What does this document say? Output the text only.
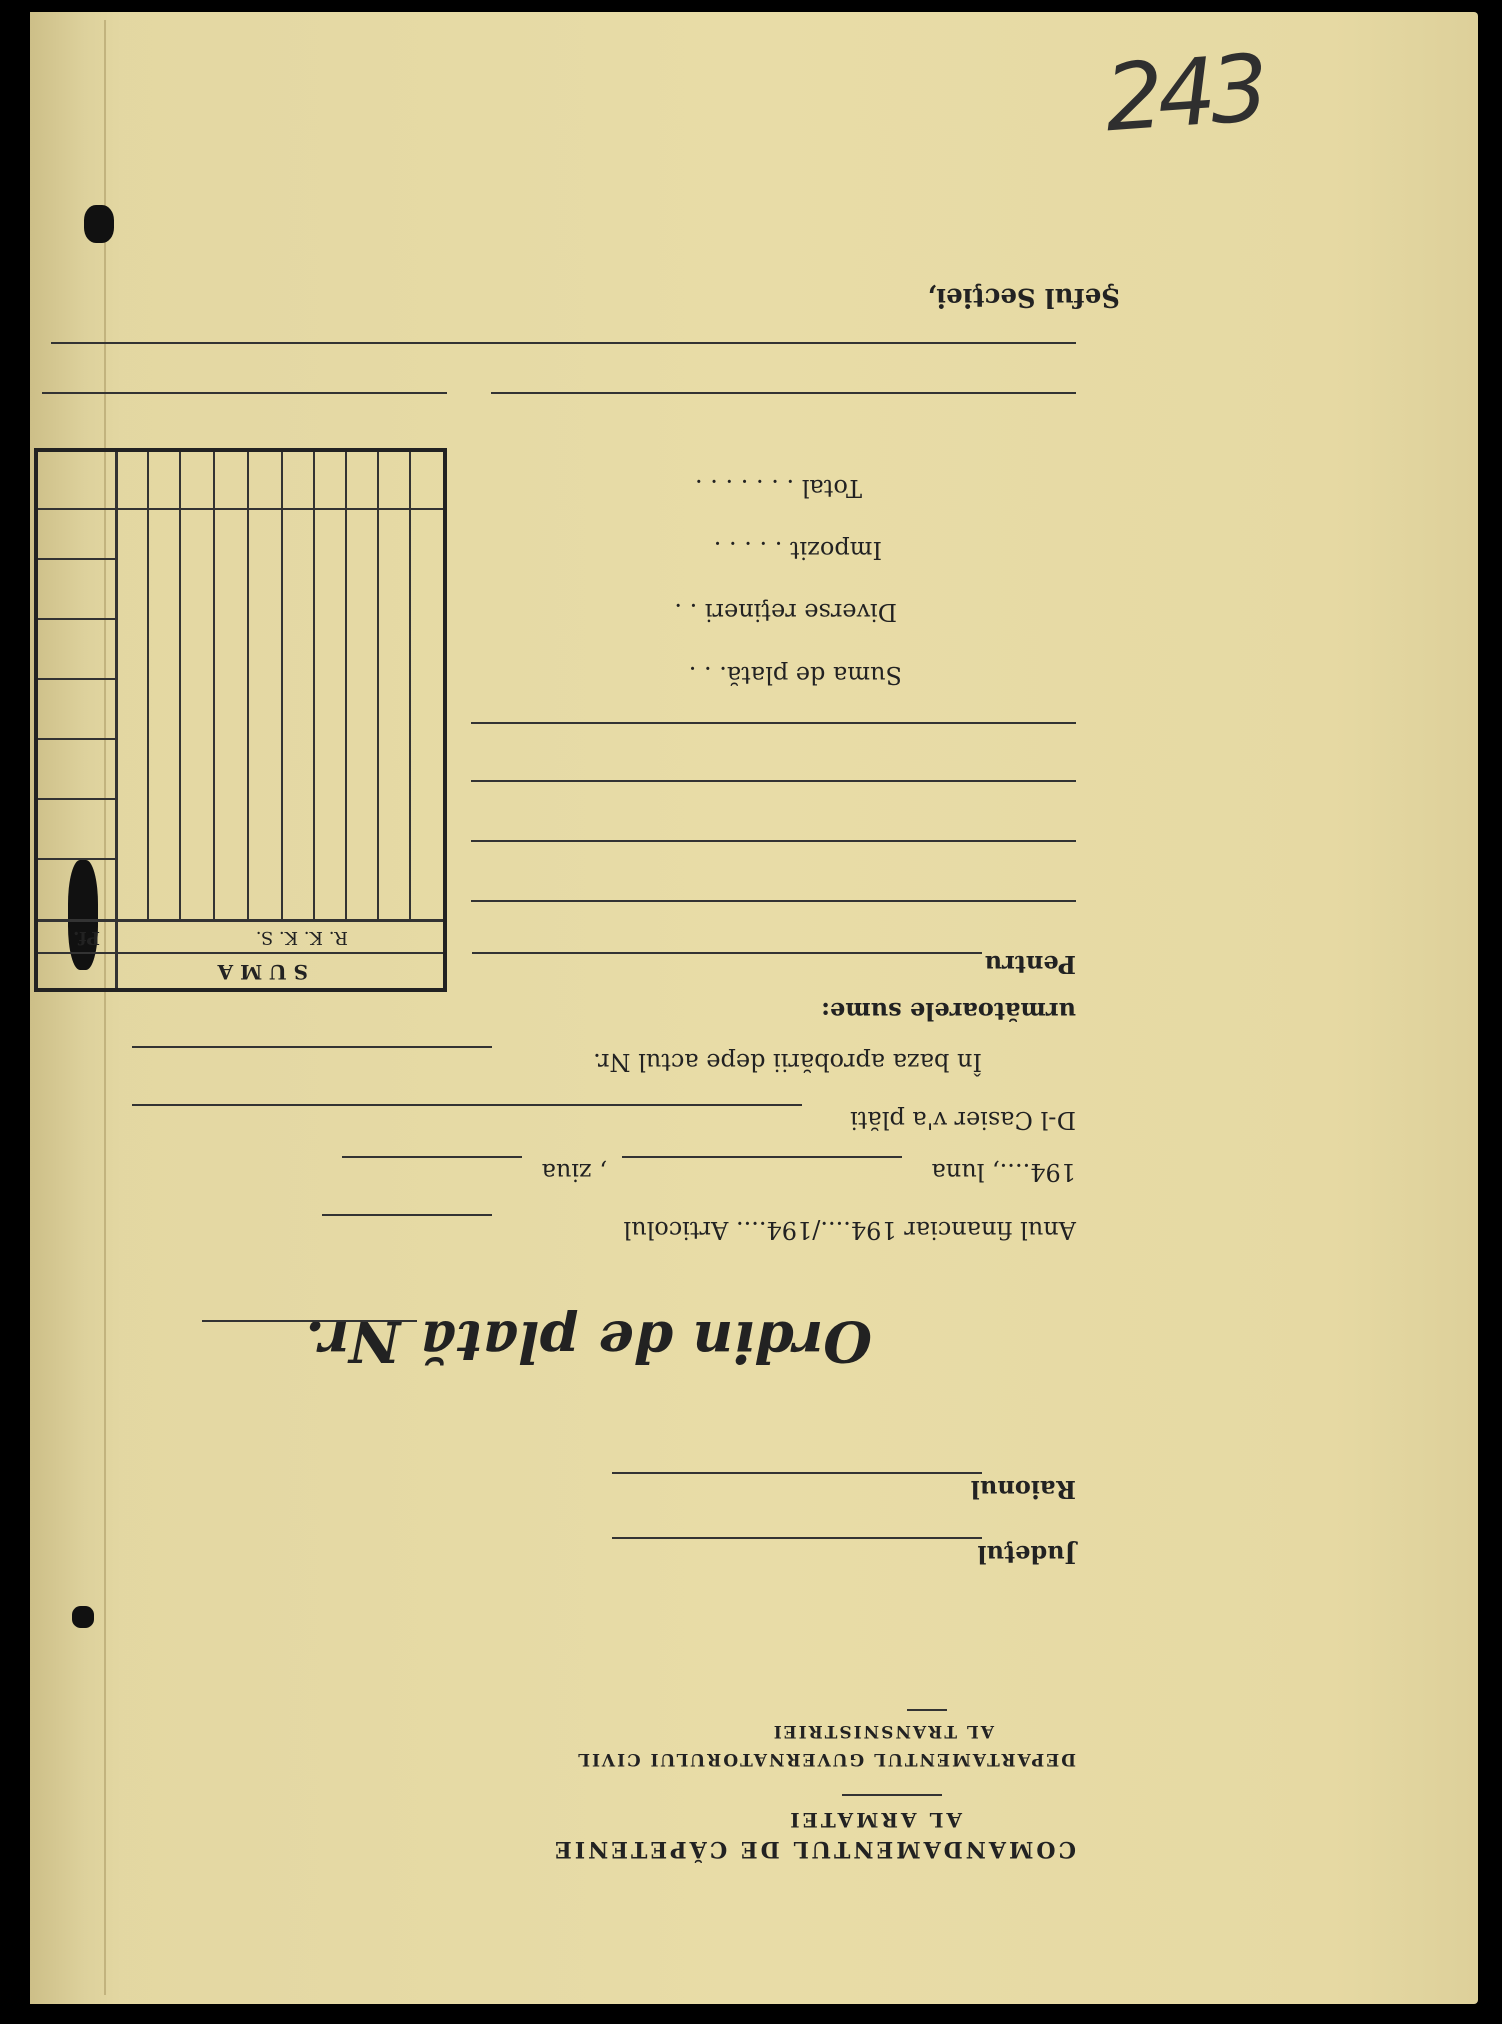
243
COMANDAMENTUL DE CĂPETENIE
AL ARMATEI
DEPARTAMENTUL GUVERNATORULUI CIVIL
AL TRANSNISTRIEI
Judeţul
Raionul
Ordin de plată Nr.
Anul financiar 194..../194.... Articolul
194...., luna
, ziua
D-l Casier v'a plăti
În baza aprobării depe actul Nr.
următoarele sume:
Pentru
Suma de plată. . .
Diverse reţineri . .
Impozit . . . . .
Total . . . . . . .
S U M A
R. K. K. S.
Pf.
Şeful Secţiei,
